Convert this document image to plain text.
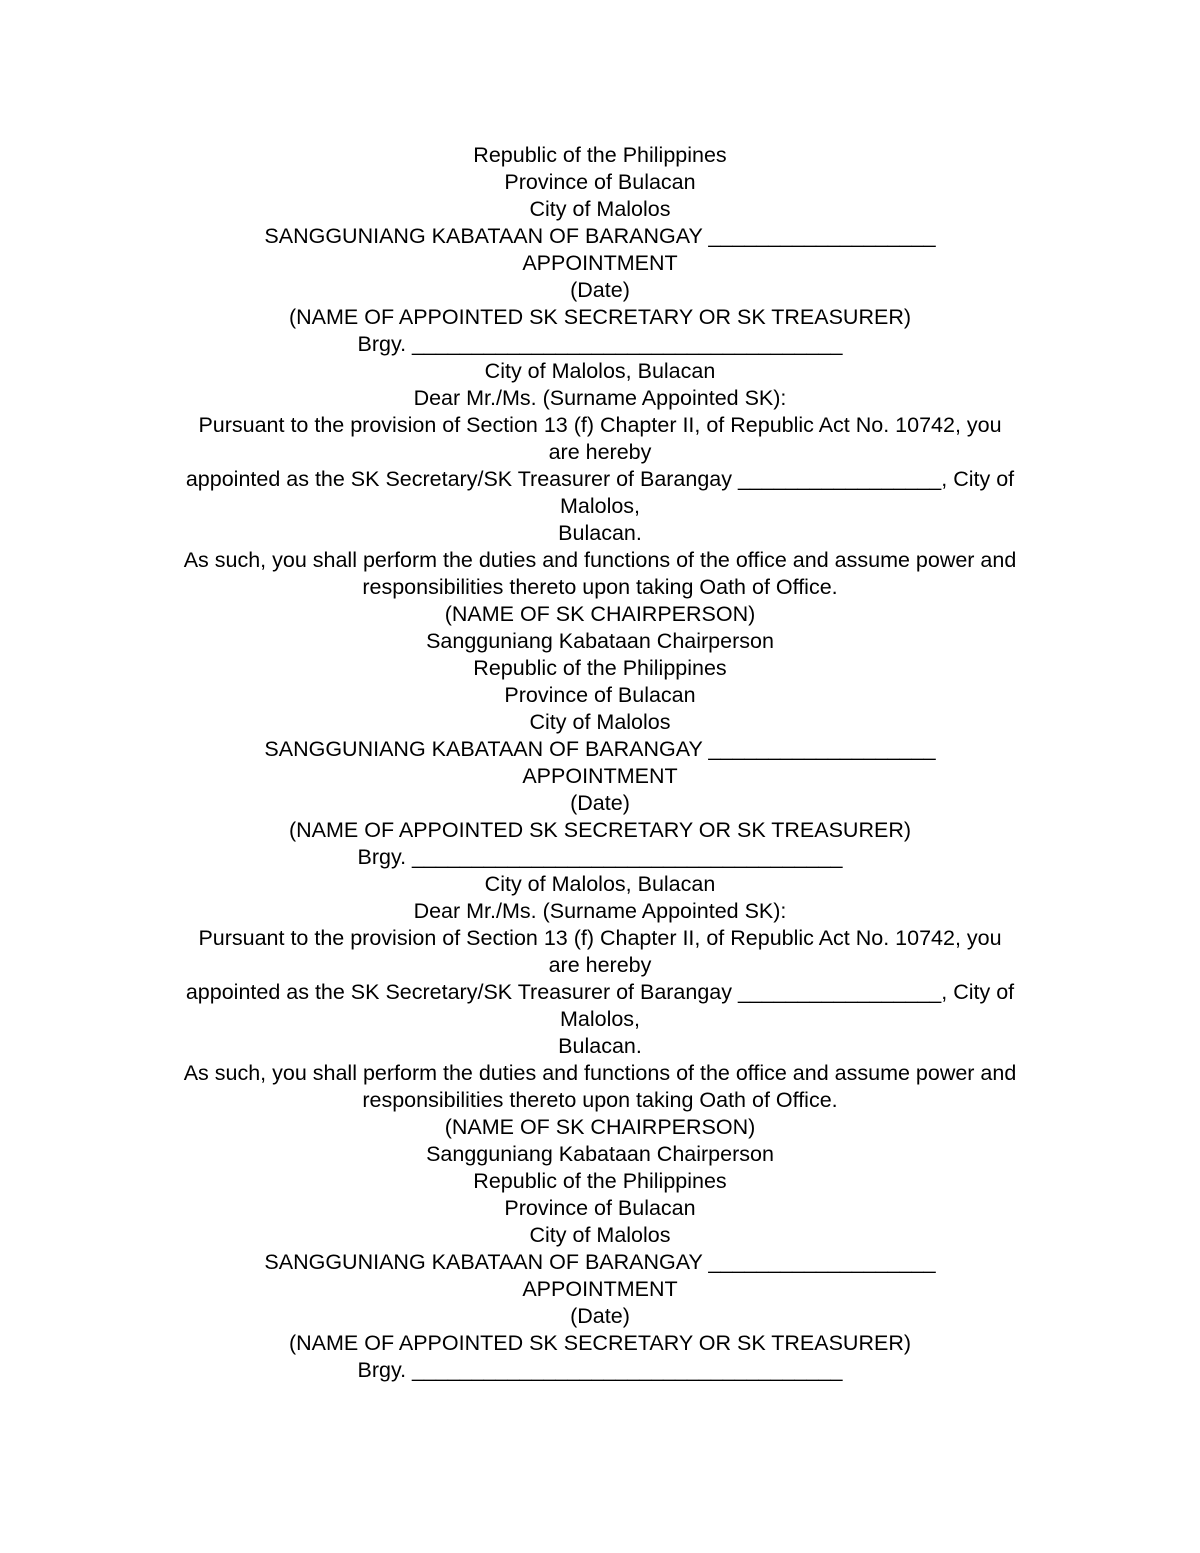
Republic of the Philippines

Province of Bulacan

City of Malolos

SANGGUNIANG KABATAAN OF BARANGAY ___________________

APPOINTMENT

(Date)

(NAME OF APPOINTED SK SECRETARY OR SK TREASURER)

Brgy. ____________________________________

City of Malolos, Bulacan

Dear Mr./Ms. (Surname Appointed SK):

Pursuant to the provision of Section 13 (f) Chapter II, of Republic Act No. 10742, you

are hereby

appointed as the SK Secretary/SK Treasurer of Barangay _________________, City of

Malolos,

Bulacan.

As such, you shall perform the duties and functions of the office and assume power and

responsibilities thereto upon taking Oath of Office.

(NAME OF SK CHAIRPERSON)

Sangguniang Kabataan Chairperson

Republic of the Philippines

Province of Bulacan

City of Malolos

SANGGUNIANG KABATAAN OF BARANGAY ___________________

APPOINTMENT

(Date)

(NAME OF APPOINTED SK SECRETARY OR SK TREASURER)

Brgy. ____________________________________

City of Malolos, Bulacan

Dear Mr./Ms. (Surname Appointed SK):

Pursuant to the provision of Section 13 (f) Chapter II, of Republic Act No. 10742, you

are hereby

appointed as the SK Secretary/SK Treasurer of Barangay _________________, City of

Malolos,

Bulacan.

As such, you shall perform the duties and functions of the office and assume power and

responsibilities thereto upon taking Oath of Office.

(NAME OF SK CHAIRPERSON)

Sangguniang Kabataan Chairperson

Republic of the Philippines

Province of Bulacan

City of Malolos

SANGGUNIANG KABATAAN OF BARANGAY ___________________

APPOINTMENT

(Date)

(NAME OF APPOINTED SK SECRETARY OR SK TREASURER)

Brgy. ____________________________________
